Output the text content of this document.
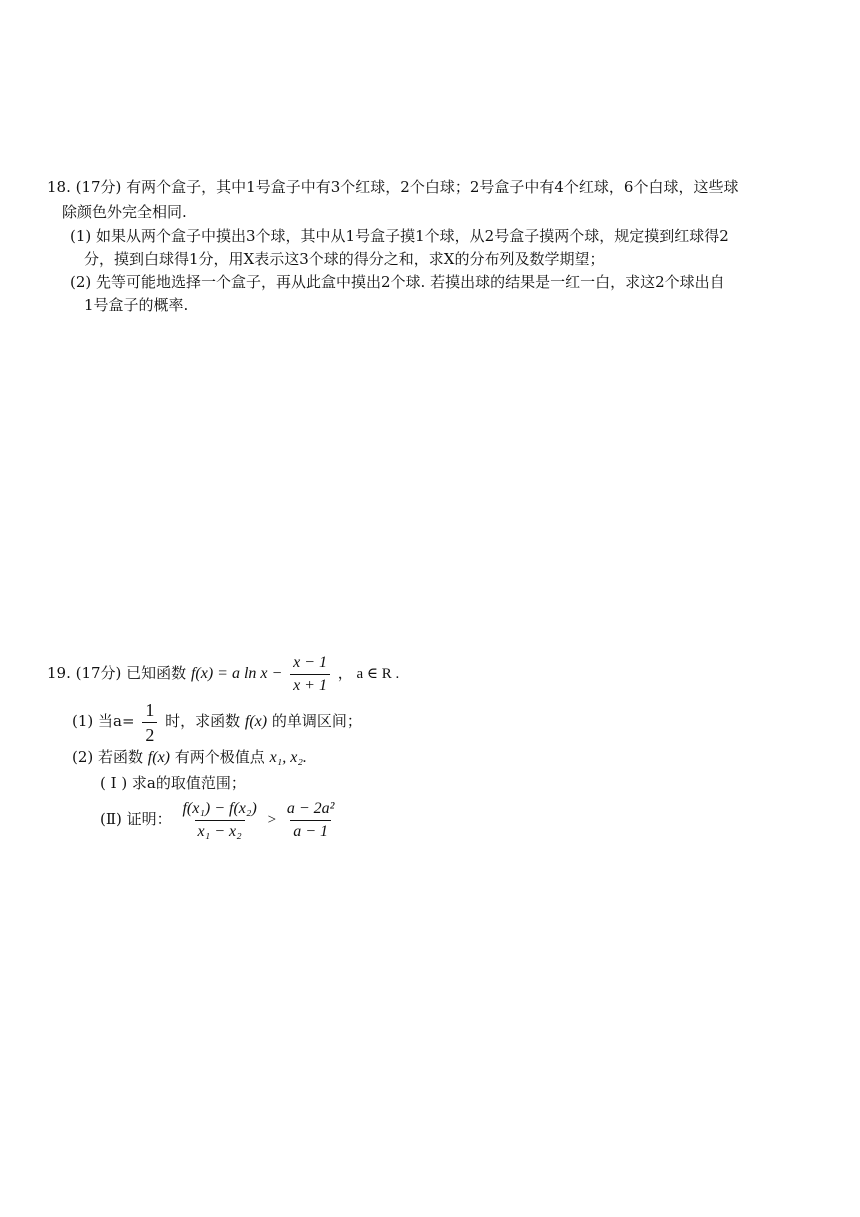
18. (17分) 有两个盒子，其中1号盒子中有3个红球，2个白球；2号盒子中有4个红球，6个白球，这些球
除颜色外完全相同.
(1) 如果从两个盒子中摸出3个球，其中从1号盒子摸1个球，从2号盒子摸两个球，规定摸到红球得2
分，摸到白球得1分，用X表示这3个球的得分之和，求X的分布列及数学期望；
(2) 先等可能地选择一个盒子，再从此盒中摸出2个球. 若摸出球的结果是一红一白，求这2个球出自
1号盒子的概率.
19. (17分) 已知函数 f(x) = a $\ln x - \frac{x - 1}{x + 1}$ ， a ∈ R .
(1) 当$a= \frac{1}{2}$ 时，求函数 f(x) 的单调区间；
(2) 若函数 f(x) 有两个极值点 x₁, x₂.
( Ⅰ ) 求a的取值范围；
(Ⅱ) 证明： $\frac{\text{f(x₁) − f(x₂)}}{\text{x₁ − x₂}} > \frac{\text{a − 2a²}}{a - 1}$
